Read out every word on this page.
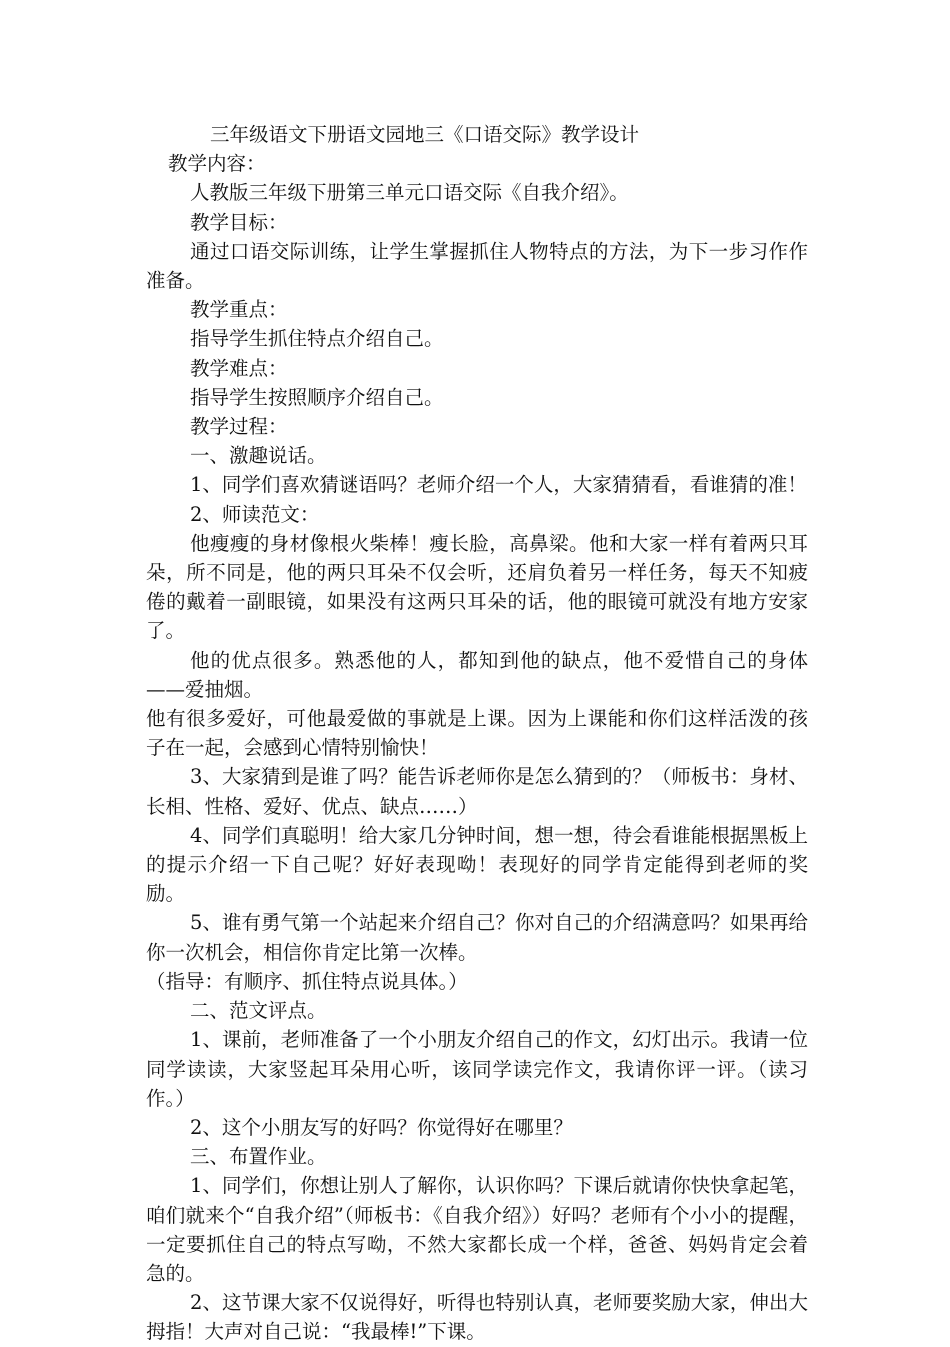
三年级语文下册语文园地三《口语交际》教学设计

教学内容：

人教版三年级下册第三单元口语交际《自我介绍》。

教学目标：

通过口语交际训练，让学生掌握抓住人物特点的方法，为下一步习作作准备。

教学重点：

指导学生抓住特点介绍自己。

教学难点：

指导学生按照顺序介绍自己。

教学过程：

一、激趣说话。

1、同学们喜欢猜谜语吗？老师介绍一个人，大家猜猜看，看谁猜的准！

2、师读范文：

他瘦瘦的身材像根火柴棒！瘦长脸，高鼻梁。他和大家一样有着两只耳朵，所不同是，他的两只耳朵不仅会听，还肩负着另一样任务，每天不知疲倦的戴着一副眼镜，如果没有这两只耳朵的话，他的眼镜可就没有地方安家了。

他的优点很多。熟悉他的人，都知到他的缺点，他不爱惜自己的身体——爱抽烟。

他有很多爱好，可他最爱做的事就是上课。因为上课能和你们这样活泼的孩子在一起，会感到心情特别愉快！

3、大家猜到是谁了吗？能告诉老师你是怎么猜到的？（师板书：身材、长相、性格、爱好、优点、缺点……）

4、同学们真聪明！给大家几分钟时间，想一想，待会看谁能根据黑板上的提示介绍一下自己呢？好好表现呦！表现好的同学肯定能得到老师的奖励。

5、谁有勇气第一个站起来介绍自己？你对自己的介绍满意吗？如果再给你一次机会，相信你肯定比第一次棒。

（指导：有顺序、抓住特点说具体。）

二、范文评点。

1、课前，老师准备了一个小朋友介绍自己的作文，幻灯出示。我请一位同学读读，大家竖起耳朵用心听，该同学读完作文，我请你评一评。（读习作。）

2、这个小朋友写的好吗？你觉得好在哪里？

三、布置作业。

1、同学们，你想让别人了解你，认识你吗？下课后就请你快快拿起笔，咱们就来个“自我介绍”（师板书：《自我介绍》）好吗？老师有个小小的提醒，一定要抓住自己的特点写呦，不然大家都长成一个样，爸爸、妈妈肯定会着急的。

2、这节课大家不仅说得好，听得也特别认真，老师要奖励大家，伸出大拇指！大声对自己说：“我最棒!”下课。
